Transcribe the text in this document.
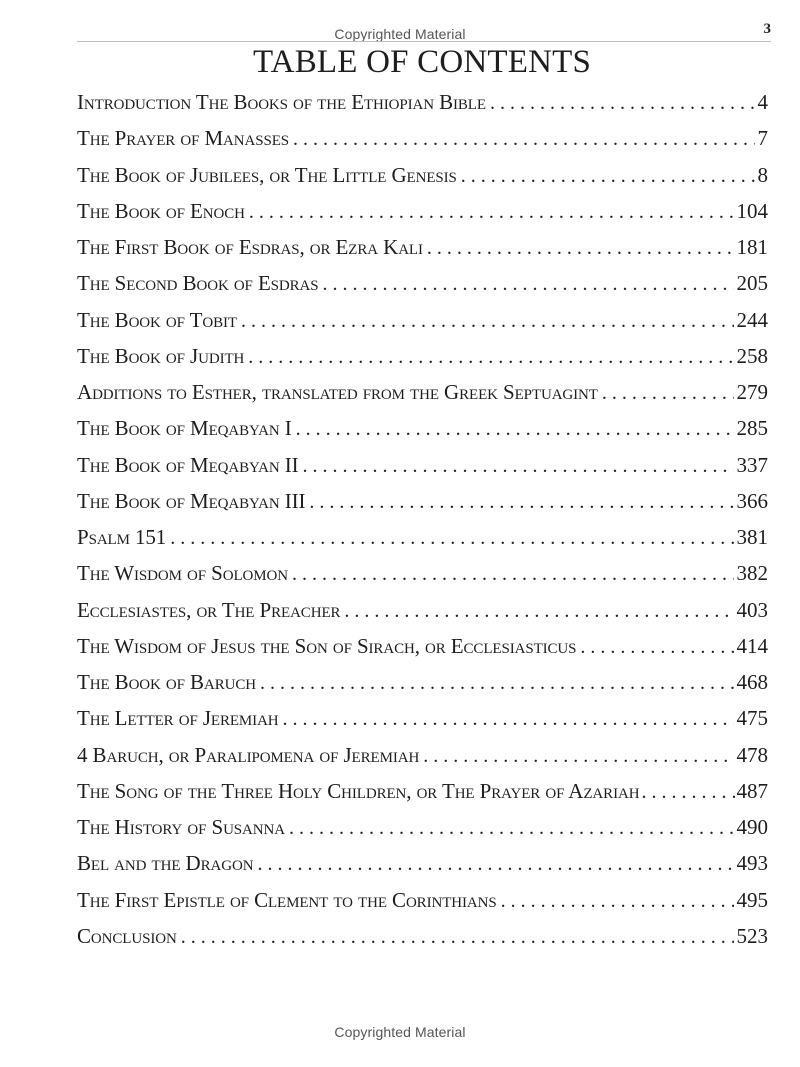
Copyrighted Material	3
TABLE OF CONTENTS
Introduction The Books of the Ethiopian Bible . . .	4
The Prayer of Manasses . . .	7
The Book of Jubilees, or The Little Genesis . . .	8
The Book of Enoch . . .	104
The First Book of Esdras, or Ezra Kali . . .	181
The Second Book of Esdras . . .	205
The Book of Tobit . . .	244
The Book of Judith . . .	258
Additions to Esther, translated from the Greek Septuagint . . .	279
The Book of Meqabyan I . . .	285
The Book of Meqabyan II . . .	337
The Book of Meqabyan III . . .	366
Psalm 151 . . .	381
The Wisdom of Solomon . . .	382
Ecclesiastes, or The Preacher . . .	403
The Wisdom of Jesus the Son of Sirach, or Ecclesiasticus . . .	414
The Book of Baruch . . .	468
The Letter of Jeremiah . . .	475
4 Baruch, or Paralipomena of Jeremiah . . .	478
The Song of the Three Holy Children, or The Prayer of Azariah . . .	487
The History of Susanna . . .	490
Bel and the Dragon . . .	493
The First Epistle of Clement to the Corinthians . . .	495
Conclusion . . .	523
Copyrighted Material
